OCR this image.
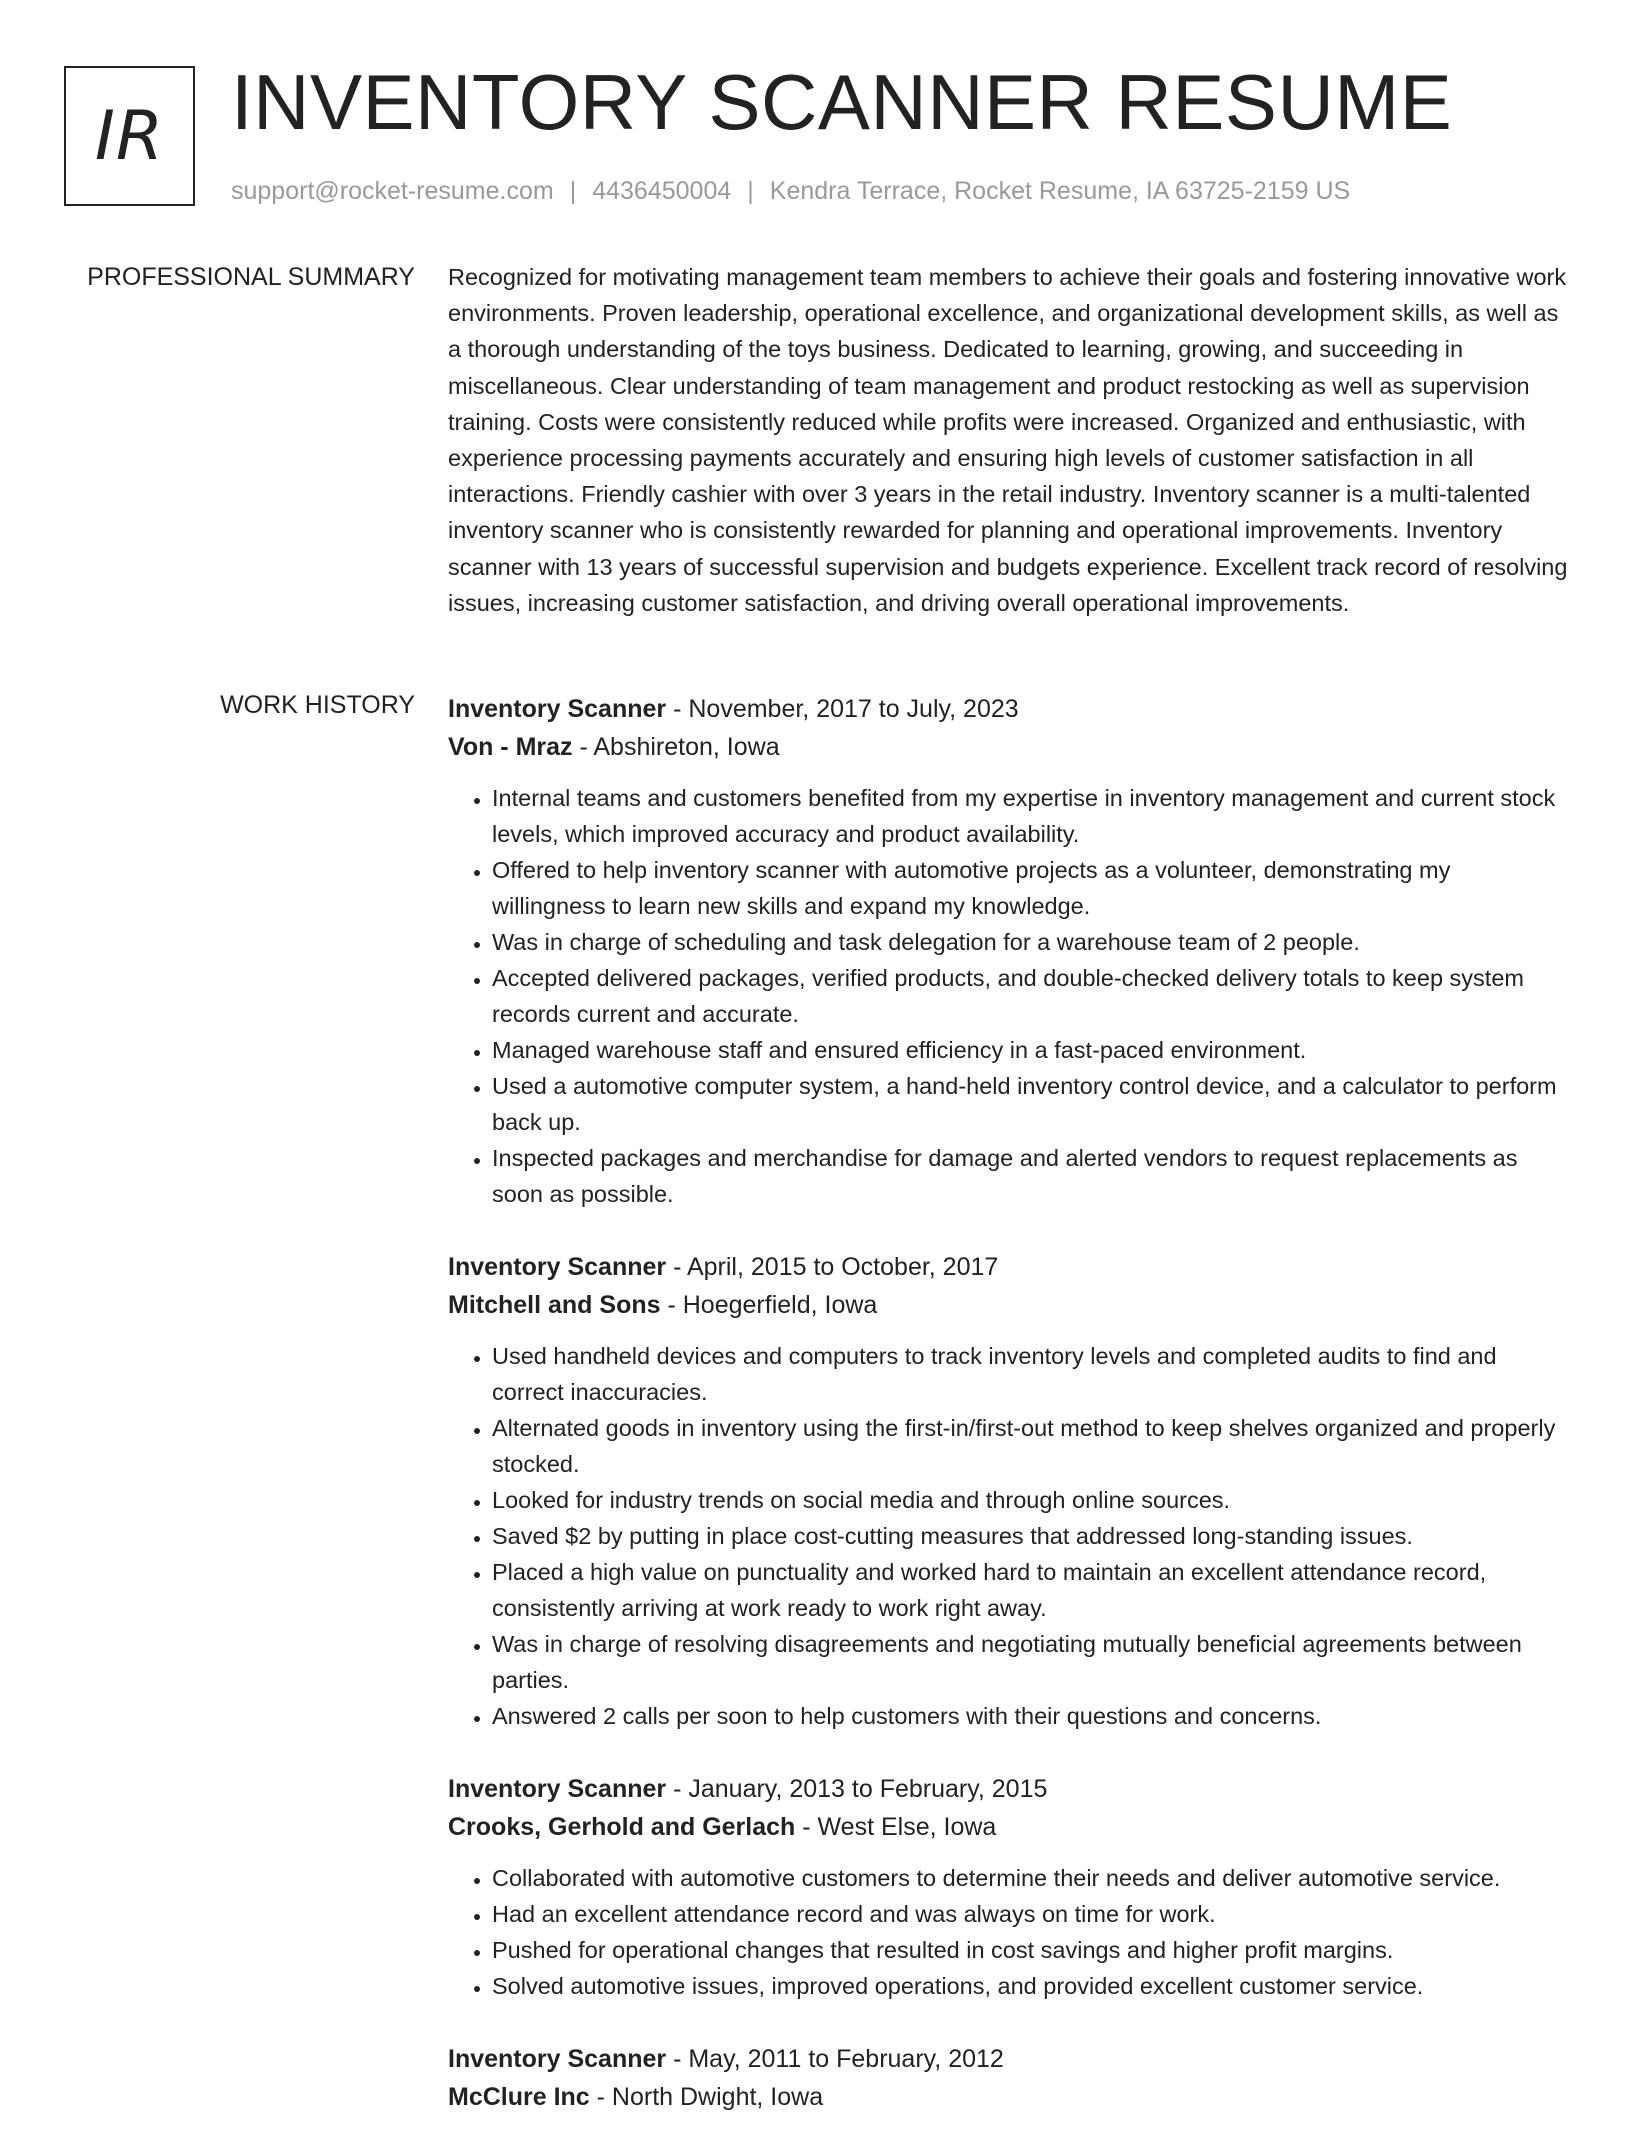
IR INVENTORY SCANNER RESUME
support@rocket-resume.com | 4436450004 | Kendra Terrace, Rocket Resume, IA 63725-2159 US
PROFESSIONAL SUMMARY Recognized for motivating management team members to achieve their goals and fostering innovative work environments. Proven leadership, operational excellence, and organizational development skills, as well as a thorough understanding of the toys business. Dedicated to learning, growing, and succeeding in miscellaneous. Clear understanding of team management and product restocking as well as supervision training. Costs were consistently reduced while profits were increased. Organized and enthusiastic, with experience processing payments accurately and ensuring high levels of customer satisfaction in all interactions. Friendly cashier with over 3 years in the retail industry. Inventory scanner is a multi-talented inventory scanner who is consistently rewarded for planning and operational improvements. Inventory scanner with 13 years of successful supervision and budgets experience. Excellent track record of resolving issues, increasing customer satisfaction, and driving overall operational improvements.

WORK HISTORY Inventory Scanner - November, 2017 to July, 2023

Von - Mraz - Abshireton, Iowa

• Internal teams and customers benefited from my expertise in inventory management and current stock levels, which improved accuracy and product availability.
• Offered to help inventory scanner with automotive projects as a volunteer, demonstrating my willingness to learn new skills and expand my knowledge.
• Was in charge of scheduling and task delegation for a warehouse team of 2 people.
• Accepted delivered packages, verified products, and double-checked delivery totals to keep system records current and accurate.
• Managed warehouse staff and ensured efficiency in a fast-paced environment.
• Used a automotive computer system, a hand-held inventory control device, and a calculator to perform back up.
• Inspected packages and merchandise for damage and alerted vendors to request replacements as soon as possible.

Inventory Scanner - April, 2015 to October, 2017

Mitchell and Sons - Hoegerfield, Iowa

• Used handheld devices and computers to track inventory levels and completed audits to find and correct inaccuracies.
• Alternated goods in inventory using the first-in/first-out method to keep shelves organized and properly stocked.
• Looked for industry trends on social media and through online sources.
• Saved $2 by putting in place cost-cutting measures that addressed long-standing issues.
• Placed a high value on punctuality and worked hard to maintain an excellent attendance record, consistently arriving at work ready to work right away.
• Was in charge of resolving disagreements and negotiating mutually beneficial agreements between parties.
• Answered 2 calls per soon to help customers with their questions and concerns.

Inventory Scanner - January, 2013 to February, 2015

Crooks, Gerhold and Gerlach - West Else, Iowa

• Collaborated with automotive customers to determine their needs and deliver automotive service.
• Had an excellent attendance record and was always on time for work.
• Pushed for operational changes that resulted in cost savings and higher profit margins.
• Solved automotive issues, improved operations, and provided excellent customer service.

Inventory Scanner - May, 2011 to February, 2012

McClure Inc - North Dwight, Iowa
